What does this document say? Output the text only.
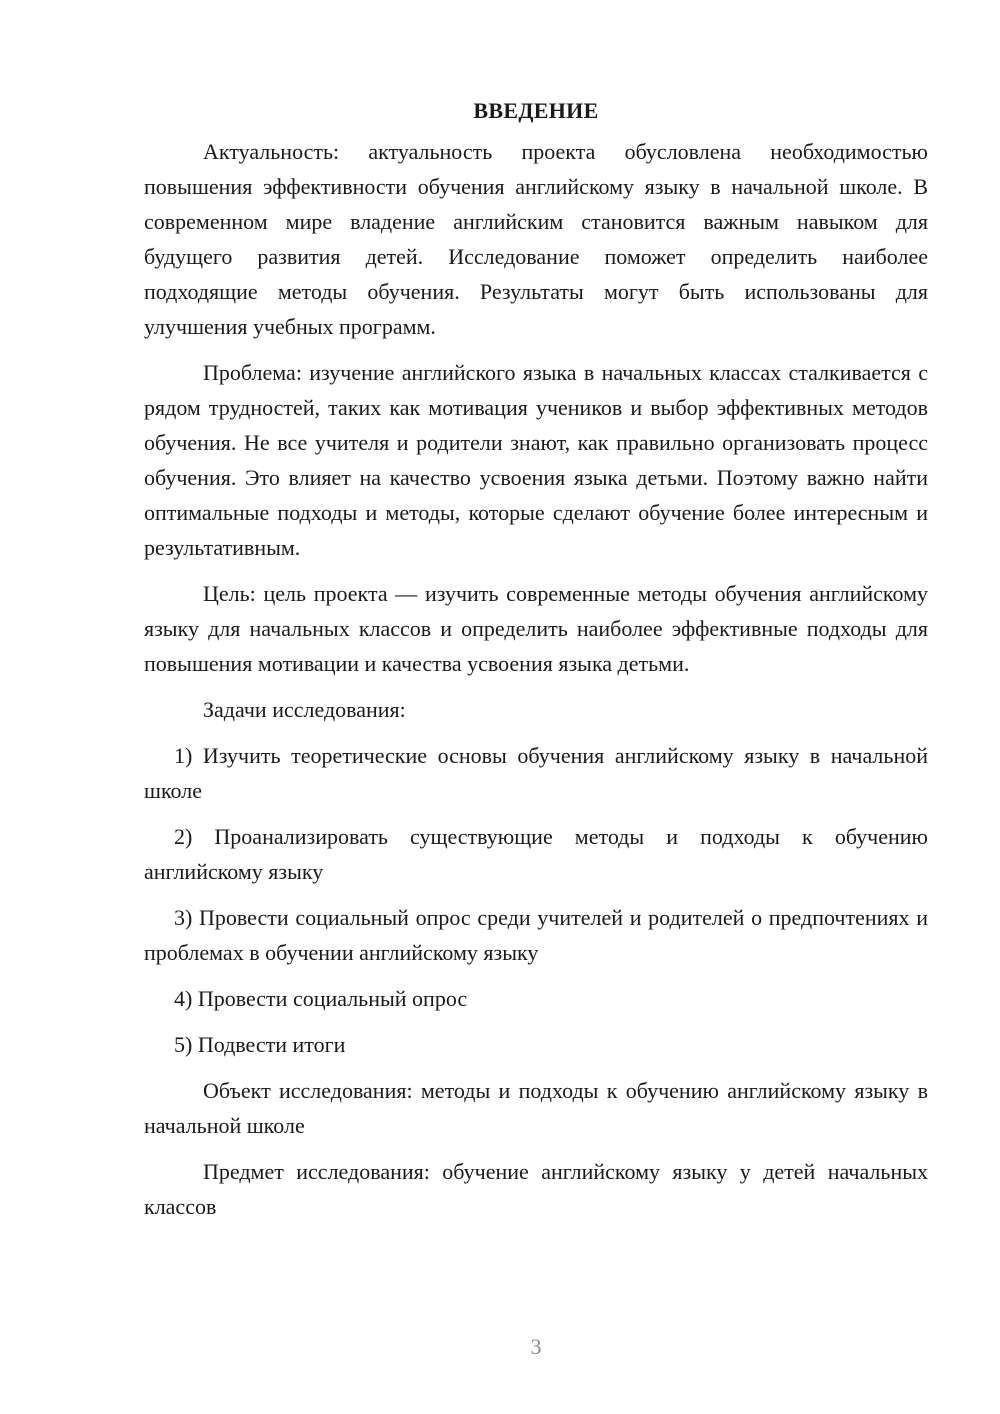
ВВЕДЕНИЕ

Актуальность: актуальность проекта обусловлена необходимостью повышения эффективности обучения английскому языку в начальной школе. В современном мире владение английским становится важным навыком для будущего развития детей. Исследование поможет определить наиболее подходящие методы обучения. Результаты могут быть использованы для улучшения учебных программ.

Проблема: изучение английского языка в начальных классах сталкивается с рядом трудностей, таких как мотивация учеников и выбор эффективных методов обучения. Не все учителя и родители знают, как правильно организовать процесс обучения. Это влияет на качество усвоения языка детьми. Поэтому важно найти оптимальные подходы и методы, которые сделают обучение более интересным и результативным.

Цель: цель проекта — изучить современные методы обучения английскому языку для начальных классов и определить наиболее эффективные подходы для повышения мотивации и качества усвоения языка детьми.

Задачи исследования:

1) Изучить теоретические основы обучения английскому языку в начальной школе

2) Проанализировать существующие методы и подходы к обучению английскому языку

3) Провести социальный опрос среди учителей и родителей о предпочтениях и проблемах в обучении английскому языку

4) Провести социальный опрос

5) Подвести итоги

Объект исследования: методы и подходы к обучению английскому языку в начальной школе

Предмет исследования: обучение английскому языку у детей начальных классов

3
